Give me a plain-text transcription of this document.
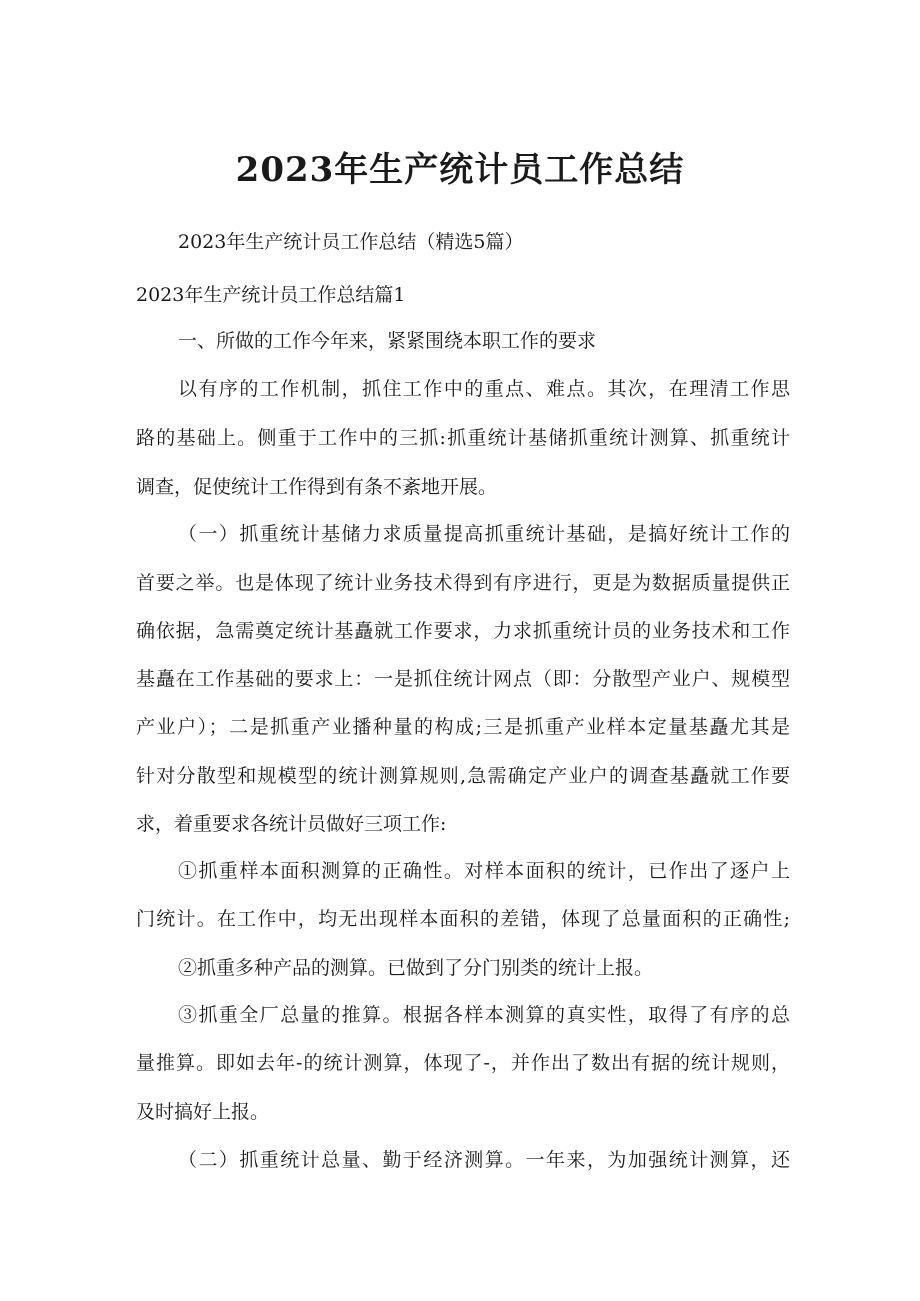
2023年生产统计员工作总结
2023年生产统计员工作总结（精选5篇）
2023年生产统计员工作总结篇1
一、所做的工作今年来，紧紧围绕本职工作的要求
以有序的工作机制，抓住工作中的重点、难点。其次，在理清工作思
路的基础上。侧重于工作中的三抓:抓重统计基储抓重统计测算、抓重统计
调查，促使统计工作得到有条不紊地开展。
（一）抓重统计基储力求质量提高抓重统计基础，是搞好统计工作的
首要之举。也是体现了统计业务技术得到有序进行，更是为数据质量提供正
确依据，急需奠定统计基矗就工作要求，力求抓重统计员的业务技术和工作
基矗在工作基础的要求上：一是抓住统计网点（即：分散型产业户、规模型
产业户）；二是抓重产业播种量的构成;三是抓重产业样本定量基矗尤其是
针对分散型和规模型的统计测算规则,急需确定产业户的调查基矗就工作要
求，着重要求各统计员做好三项工作:
①抓重样本面积测算的正确性。对样本面积的统计，已作出了逐户上
门统计。在工作中，均无出现样本面积的差错，体现了总量面积的正确性;
②抓重多种产品的测算。已做到了分门别类的统计上报。
③抓重全厂总量的推算。根据各样本测算的真实性，取得了有序的总
量推算。即如去年-的统计测算，体现了-，并作出了数出有据的统计规则，
及时搞好上报。
（二）抓重统计总量、勤于经济测算。一年来，为加强统计测算，还
